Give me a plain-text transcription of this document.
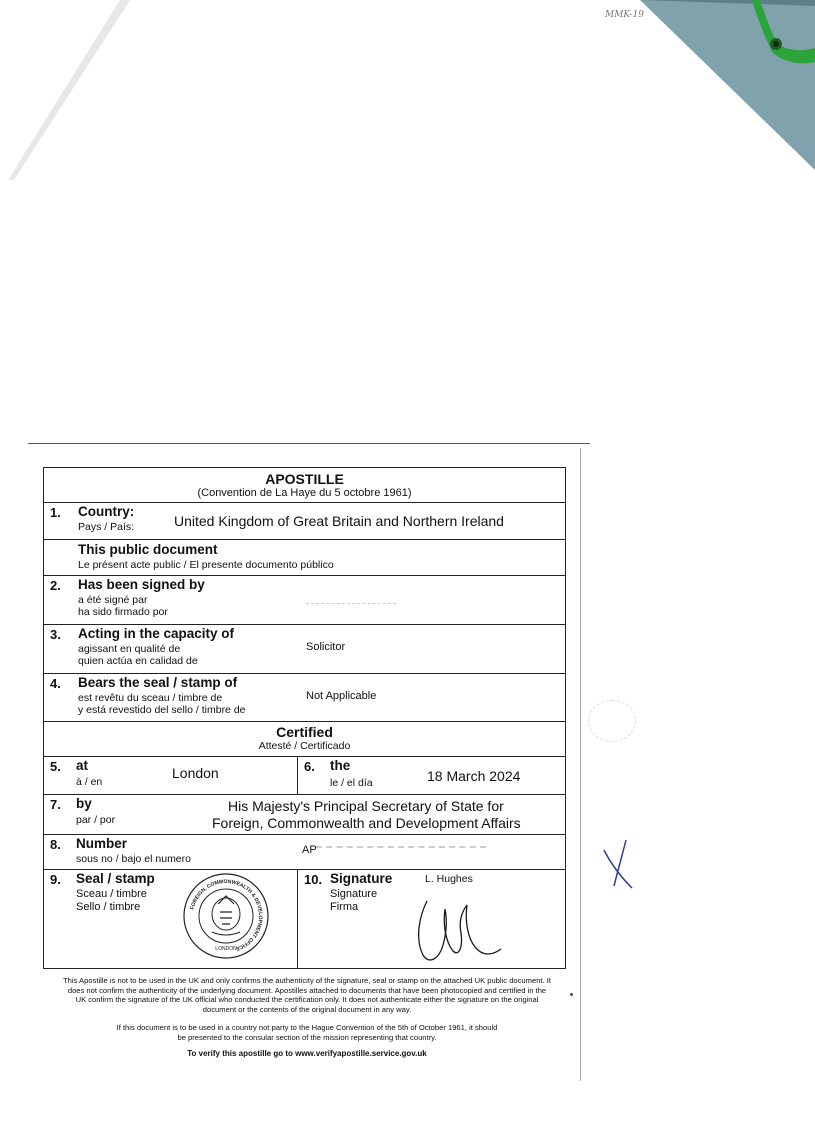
MMK-19
APOSTILLE
(Convention de La Haye du 5 octobre 1961)
1. Country:
Pays / País:	United Kingdom of Great Britain and Northern Ireland
This public document
Le présent acte public / El presente documento público
2. Has been signed by
a été signé par
ha sido firmado por
3. Acting in the capacity of
agissant en qualité de
quien actúa en calidad de
Solicitor
4. Bears the seal / stamp of
est revêtu du sceau / timbre de
y está revestido del sello / timbre de
Not Applicable
Certified
Attesté / Certificado
5. at
à / en
London	6. the
le / el día	18 March 2024
7. by
par / por
His Majesty's Principal Secretary of State for
Foreign, Commonwealth and Development Affairs
8. Number
sous no / bajo el numero
AP
9. Seal / stamp
Sceau / timbre
Sello / timbre	FOREIGN, COMMONWEALTH & DEVELOPMENT OFFICE
LONDON
10. Signature
Signature
Firma
L. Hughes
This Apostille is not to be used in the UK and only confirms the authenticity of the signature, seal or stamp on the attached UK public document. It does not confirm the authenticity of the underlying document. Apostilles attached to documents that have been photocopied and certified in the UK confirm the signature of the UK official who conducted the certification only. It does not authenticate either the signature on the original document or the contents of the original document in any way.
If this document is to be used in a country not party to the Hague Convention of the 5th of October 1961, it should be presented to the consular section of the mission representing that country.
To verify this apostille go to www.verifyapostille.service.gov.uk
